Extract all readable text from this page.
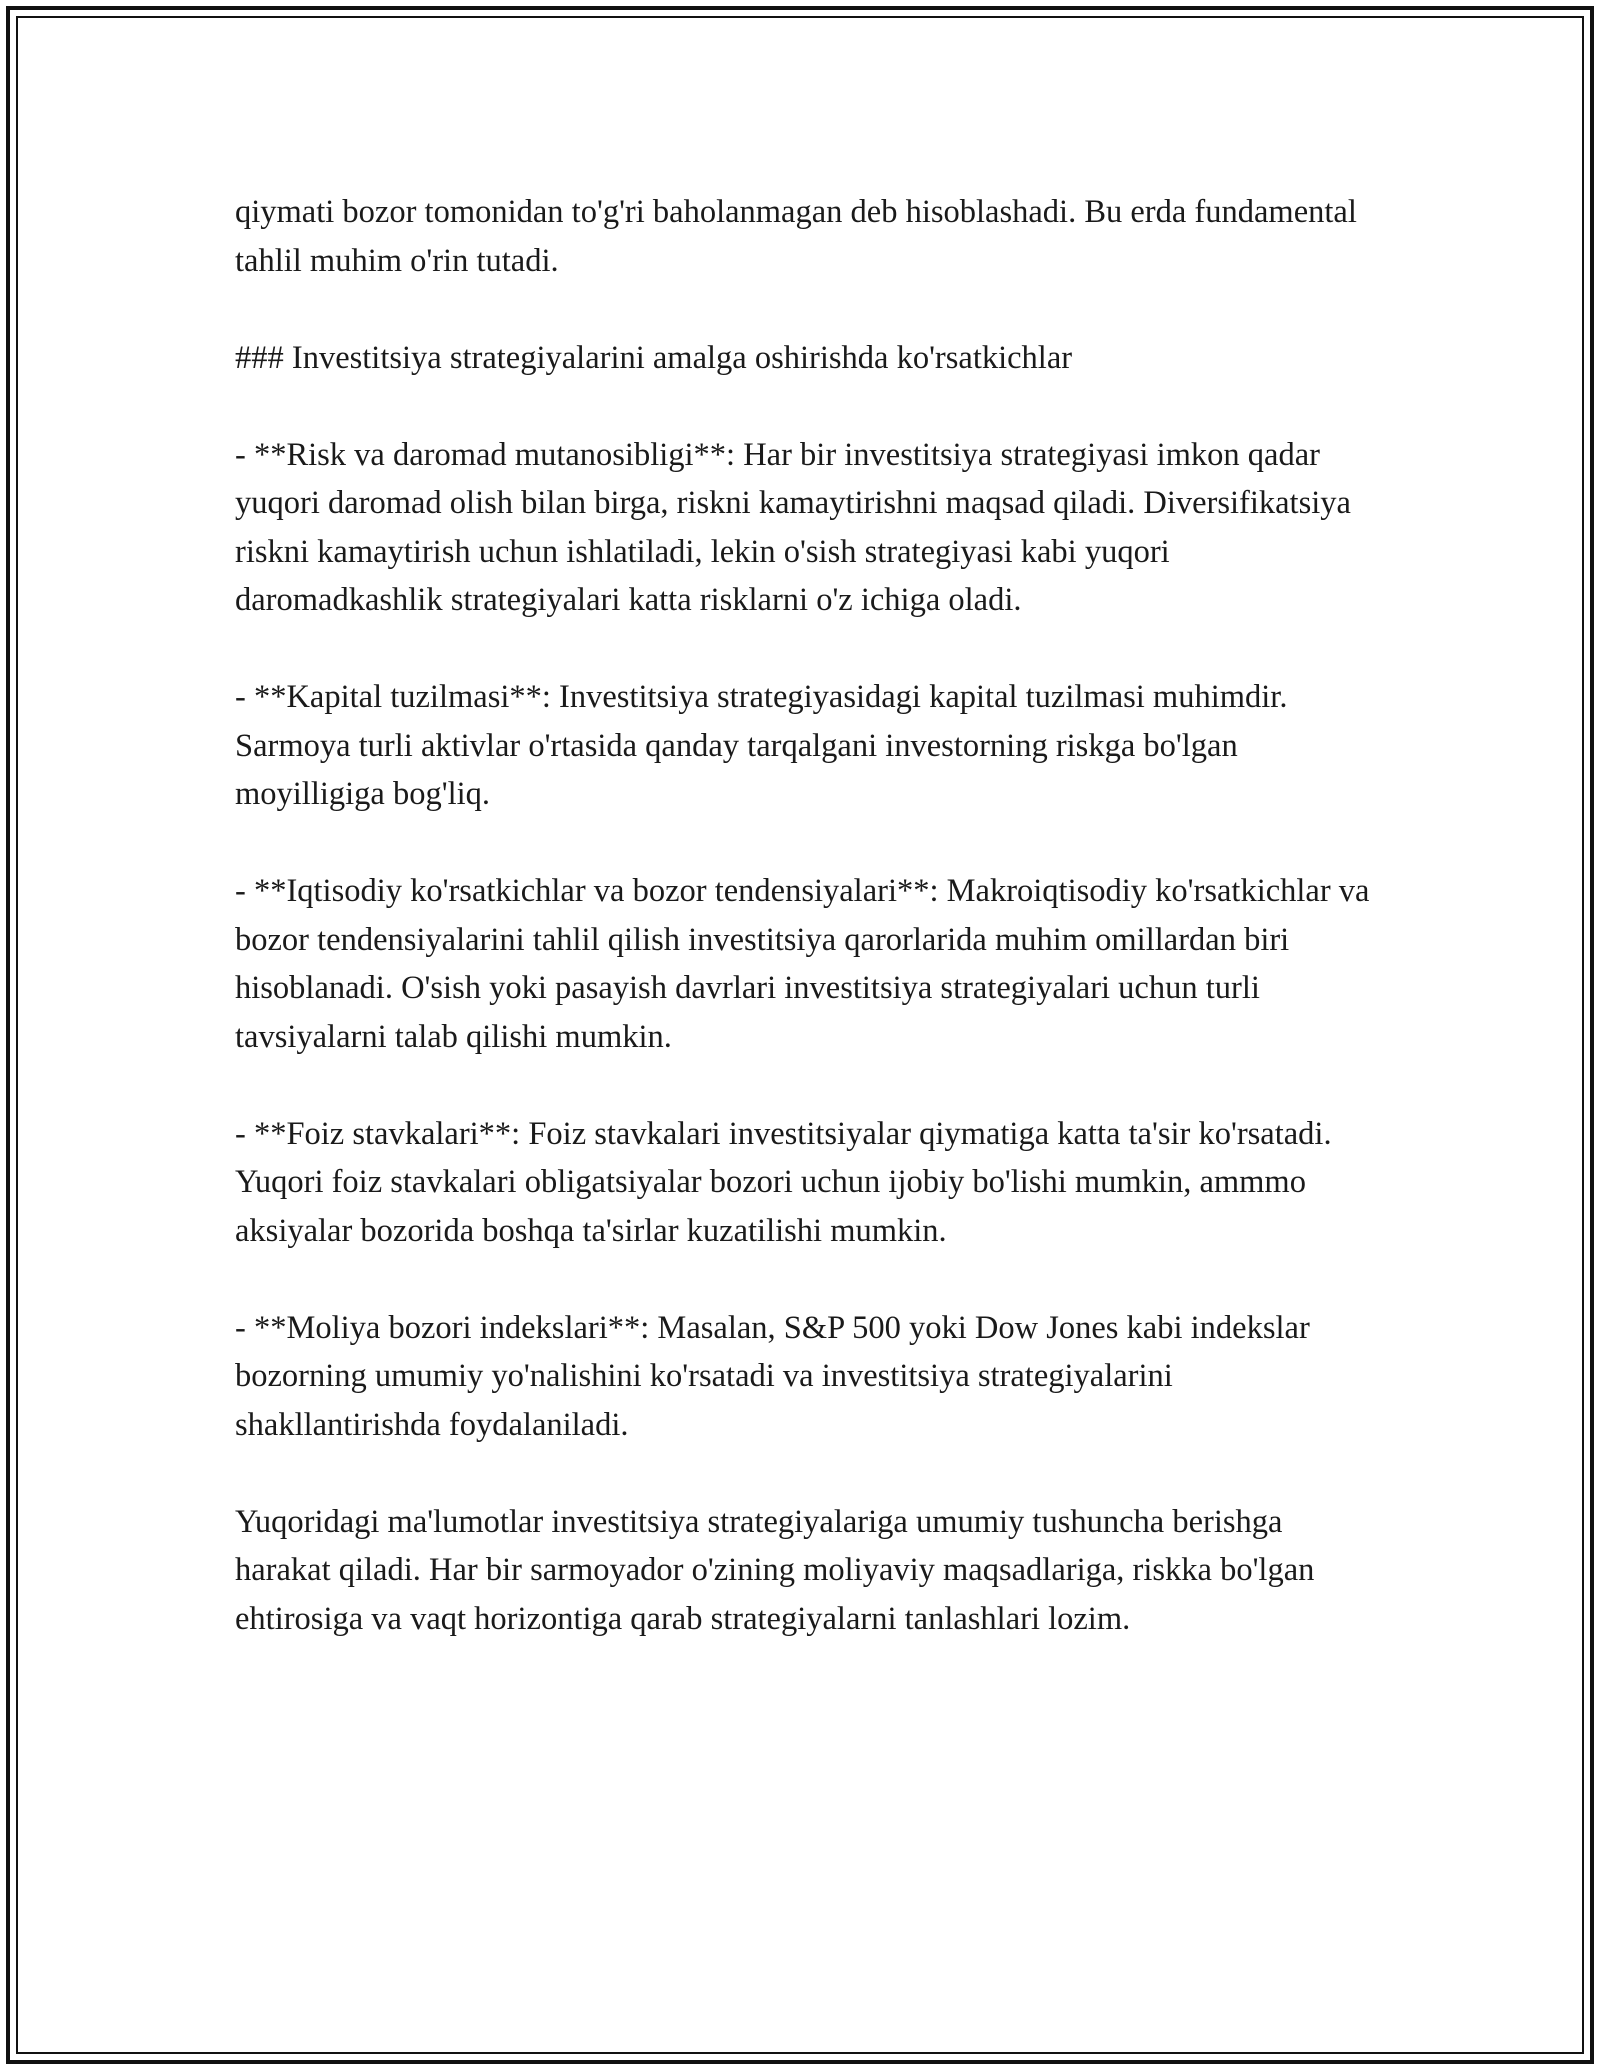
qiymati bozor tomonidan to'g'ri baholanmagan deb hisoblashadi. Bu erda fundamental tahlil muhim o'rin tutadi.

### Investitsiya strategiyalarini amalga oshirishda ko'rsatkichlar

- **Risk va daromad mutanosibligi**: Har bir investitsiya strategiyasi imkon qadar yuqori daromad olish bilan birga, riskni kamaytirishni maqsad qiladi. Diversifikatsiya riskni kamaytirish uchun ishlatiladi, lekin o'sish strategiyasi kabi yuqori daromadkashlik strategiyalari katta risklarni o'z ichiga oladi.

- **Kapital tuzilmasi**: Investitsiya strategiyasidagi kapital tuzilmasi muhimdir. Sarmoya turli aktivlar o'rtasida qanday tarqalgani investorning riskga bo'lgan moyilligiga bog'liq.

- **Iqtisodiy ko'rsatkichlar va bozor tendensiyalari**: Makroiqtisodiy ko'rsatkichlar va bozor tendensiyalarini tahlil qilish investitsiya qarorlarida muhim omillardan biri hisoblanadi. O'sish yoki pasayish davrlari investitsiya strategiyalari uchun turli tavsiyalarni talab qilishi mumkin.

- **Foiz stavkalari**: Foiz stavkalari investitsiyalar qiymatiga katta ta'sir ko'rsatadi. Yuqori foiz stavkalari obligatsiyalar bozori uchun ijobiy bo'lishi mumkin, ammmo aksiyalar bozorida boshqa ta'sirlar kuzatilishi mumkin.

- **Moliya bozori indekslari**: Masalan, S&P 500 yoki Dow Jones kabi indekslar bozorning umumiy yo'nalishini ko'rsatadi va investitsiya strategiyalarini shakllantirishda foydalaniladi.

Yuqoridagi ma'lumotlar investitsiya strategiyalariga umumiy tushuncha berishga harakat qiladi. Har bir sarmoyador o'zining moliyaviy maqsadlariga, riskka bo'lgan ehtirosiga va vaqt horizontiga qarab strategiyalarni tanlashlari lozim.
